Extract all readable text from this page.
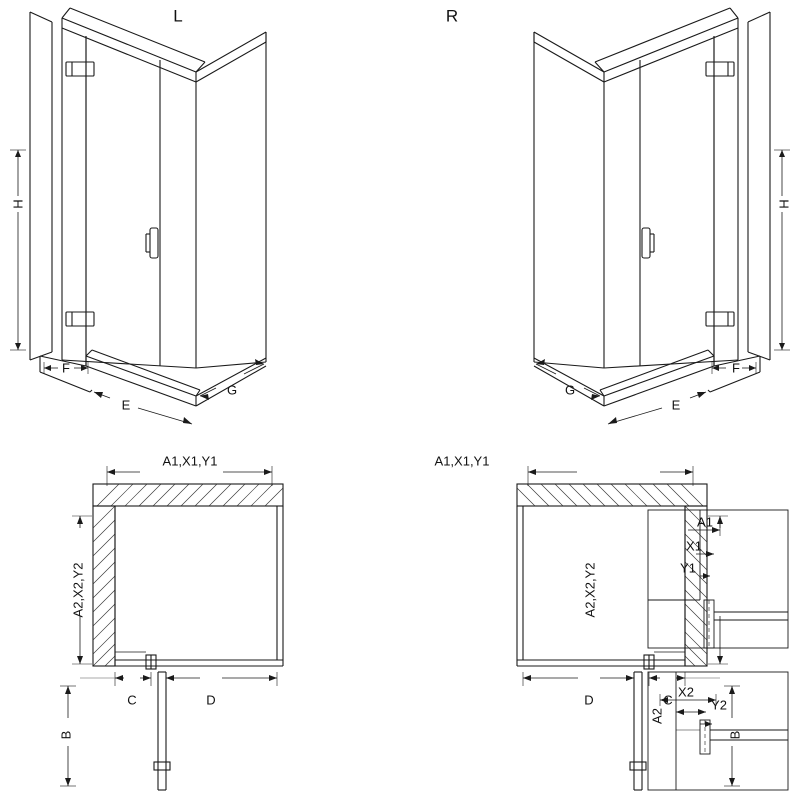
L	R
H
F
E
G
H
F
E
G
A1,X1,Y1
A2,X2,Y2
C	D
B
A1,X1,Y1
A2,X2,Y2
D	C
B
A1
X1
Y1
A2
X2
Y2
